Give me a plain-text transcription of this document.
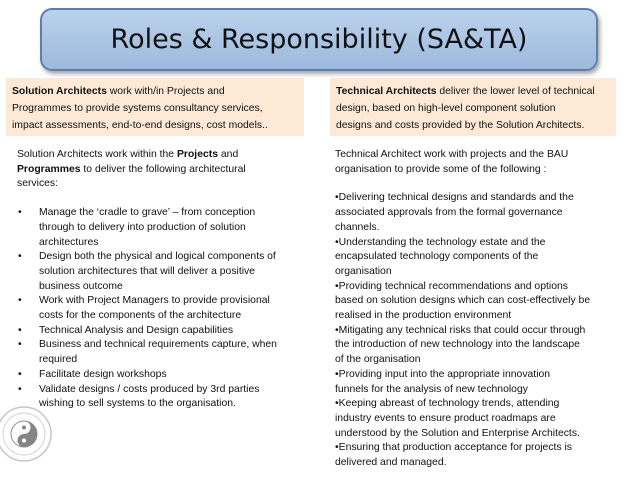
Roles & Responsibility (SA&TA)
Solution Architects work with/in Projects and
Programmes to provide systems consultancy services,
impact assessments, end-to-end designs, cost models..
Technical Architects deliver the lower level of technical
design, based on high-level component solution
designs and costs provided by the Solution Architects.

Solution Architects work within the Projects and
Programmes to deliver the following architectural
services:

• Manage the ‘cradle to grave’ – from conception
through to delivery into production of solution
architectures
• Design both the physical and logical components of
solution architectures that will deliver a positive
business outcome
• Work with Project Managers to provide provisional
costs for the components of the architecture
• Technical Analysis and Design capabilities
• Business and technical requirements capture, when
required
• Facilitate design workshops
• Validate designs / costs produced by 3rd parties
wishing to sell systems to the organisation.

Technical Architect work with projects and the BAU
organisation to provide some of the following :

•Delivering technical designs and standards and the
associated approvals from the formal governance
channels.
•Understanding the technology estate and the
encapsulated technology components of the
organisation
•Providing technical recommendations and options
based on solution designs which can cost-effectively be
realised in the production environment
•Mitigating any technical risks that could occur through
the introduction of new technology into the landscape
of the organisation
•Providing input into the appropriate innovation
funnels for the analysis of new technology
•Keeping abreast of technology trends, attending
industry events to ensure product roadmaps are
understood by the Solution and Enterprise Architects.
•Ensuring that production acceptance for projects is
delivered and managed.
